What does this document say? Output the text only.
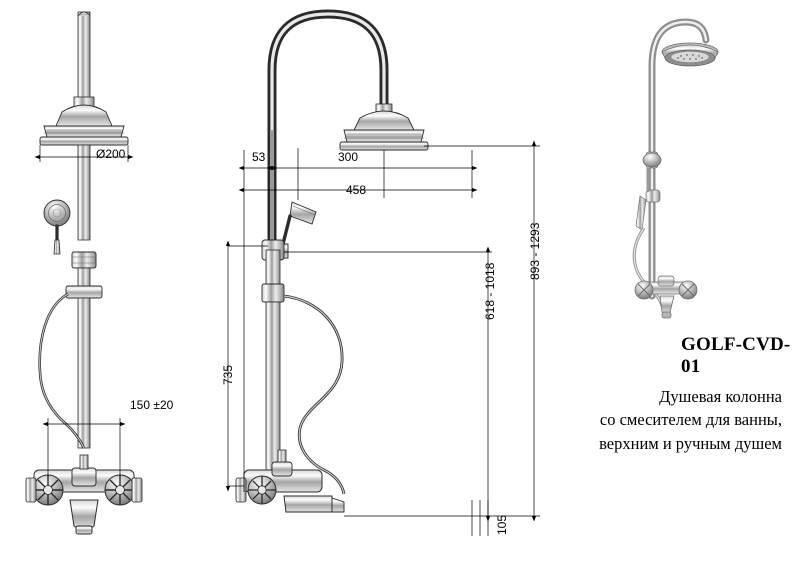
Ø200	53	300
458
893 - 1293
618 - 1018
735
150 ±20
105
GOLF-CVD-01
Душевая колонна
со смесителем для ванны,
верхним и ручным душем
